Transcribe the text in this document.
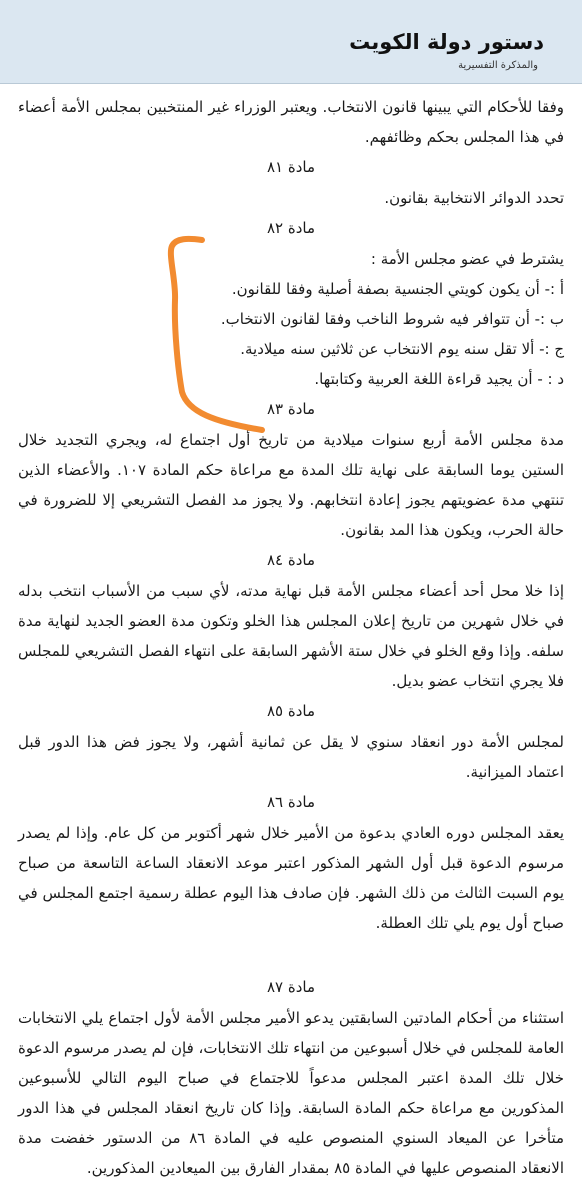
دستور دولة الكويت
والمذكرة التفسيرية

وفقا للأحكام التي يبينها قانون الانتخاب. ويعتبر الوزراء غير المنتخبين بمجلس الأمة أعضاء في هذا المجلس بحكم وظائفهم.

مادة ٨١

تحدد الدوائر الانتخابية بقانون.

مادة ٨٢

يشترط في عضو مجلس الأمة :

أ :- أن يكون كويتي الجنسية بصفة أصلية وفقا للقانون.

ب :- أن تتوافر فيه شروط الناخب وفقا لقانون الانتخاب.

ج :- ألا تقل سنه يوم الانتخاب عن ثلاثين سنه ميلادية.

د : - أن يجيد قراءة اللغة العربية وكتابتها.

مادة ٨٣

مدة مجلس الأمة أربع سنوات ميلادية من تاريخ أول اجتماع له، ويجري التجديد خلال الستين يوما السابقة على نهاية تلك المدة مع مراعاة حكم المادة ١٠٧. والأعضاء الذين تنتهي مدة عضويتهم يجوز إعادة انتخابهم. ولا يجوز مد الفصل التشريعي إلا للضرورة في حالة الحرب، ويكون هذا المد بقانون.

مادة ٨٤

إذا خلا محل أحد أعضاء مجلس الأمة قبل نهاية مدته، لأي سبب من الأسباب انتخب بدله في خلال شهرين من تاريخ إعلان المجلس هذا الخلو وتكون مدة العضو الجديد لنهاية مدة سلفه. وإذا وقع الخلو في خلال ستة الأشهر السابقة على انتهاء الفصل التشريعي للمجلس فلا يجري انتخاب عضو بديل.

مادة ٨٥

لمجلس الأمة دور انعقاد سنوي لا يقل عن ثمانية أشهر، ولا يجوز فض هذا الدور قبل اعتماد الميزانية.

مادة ٨٦

يعقد المجلس دوره العادي بدعوة من الأمير خلال شهر أكتوبر من كل عام. وإذا لم يصدر مرسوم الدعوة قبل أول الشهر المذكور اعتبر موعد الانعقاد الساعة التاسعة من صباح يوم السبت الثالث من ذلك الشهر. فإن صادف هذا اليوم عطلة رسمية اجتمع المجلس في صباح أول يوم يلي تلك العطلة.

مادة ٨٧

استثناء من أحكام المادتين السابقتين يدعو الأمير مجلس الأمة لأول اجتماع يلي الانتخابات العامة للمجلس في خلال أسبوعين من انتهاء تلك الانتخابات، فإن لم يصدر مرسوم الدعوة خلال تلك المدة اعتبر المجلس مدعواً للاجتماع في صباح اليوم التالي للأسبوعين المذكورين مع مراعاة حكم المادة السابقة. وإذا كان تاريخ انعقاد المجلس في هذا الدور متأخرا عن الميعاد السنوي المنصوص عليه في المادة ٨٦ من الدستور خفضت مدة الانعقاد المنصوص عليها في المادة ٨٥ بمقدار الفارق بين الميعادين المذكورين.
